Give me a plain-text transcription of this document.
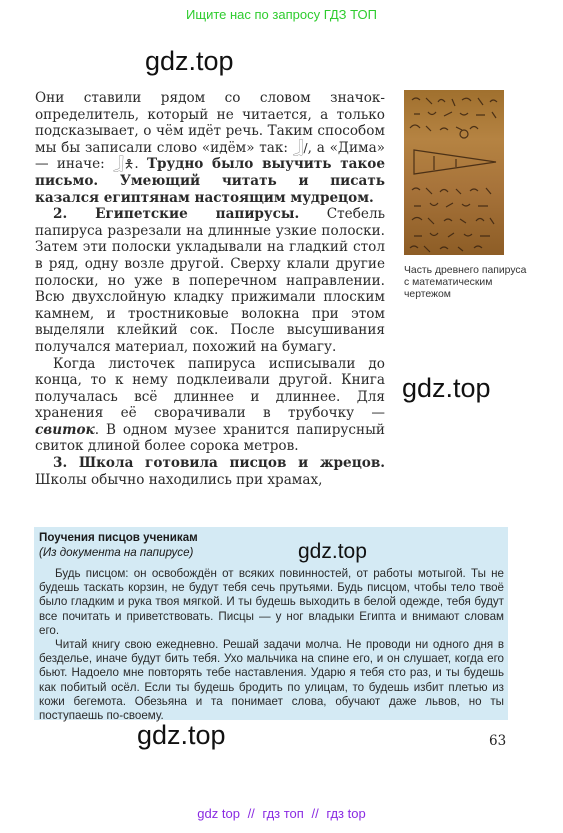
Ищите нас по запросу ГДЗ ТОП
gdz.top

Они ставили рядом со словом значок-определитель, который не читается, а только подсказывает, о чём идёт речь. Таким способом мы бы записали слово «идём» так: 𓃀/, а «Дима» — иначе: 𓃀🯅. Трудно было выучить такое письмо. Умеющий читать и писать казался египтянам настоящим мудрецом.

2. Египетские папирусы. Стебель папируса разрезали на длинные узкие полоски. Затем эти полоски укладывали на гладкий стол в ряд, одну возле другой. Сверху клали другие полоски, но уже в поперечном направлении. Всю двухслойную кладку прижимали плоским камнем, и тростниковые волокна при этом выделяли клейкий сок. После высушивания получался материал, похожий на бумагу.

Когда листочек папируса исписывали до конца, то к нему подклеивали другой. Книга получалась всё длиннее и длиннее. Для хранения её сворачивали в трубочку — свиток. В одном музее хранится папирусный свиток длиной более сорока метров.

3. Школа готовила писцов и жрецов. Школы обычно находились при храмах,

Часть древнего папируса с математическим чертежом
gdz.top
Поучения писцов ученикам
(Из документа на папирусе)

Будь писцом: он освобождён от всяких повинностей, от работы мотыгой. Ты не будешь таскать корзин, не будут тебя сечь прутьями. Будь писцом, чтобы тело твоё было гладким и рука твоя мягкой. И ты будешь выходить в белой одежде, тебя будут все почитать и приветствовать. Писцы — у ног владыки Египта и внимают словам его.

Читай книгу свою ежедневно. Решай задачи молча. Не проводи ни одного дня в безделье, иначе будут бить тебя. Ухо мальчика на спине его, и он слушает, когда его бьют. Надоело мне повторять тебе наставления. Ударю я тебя сто раз, и ты будешь как побитый осёл. Если ты будешь бродить по улицам, то будешь избит плетью из кожи бегемота. Обезьяна и та понимает слова, обучают даже львов, но ты поступаешь по-своему.

gdz.top
gdz.top	63
gdz top // гдз топ // гдз top
